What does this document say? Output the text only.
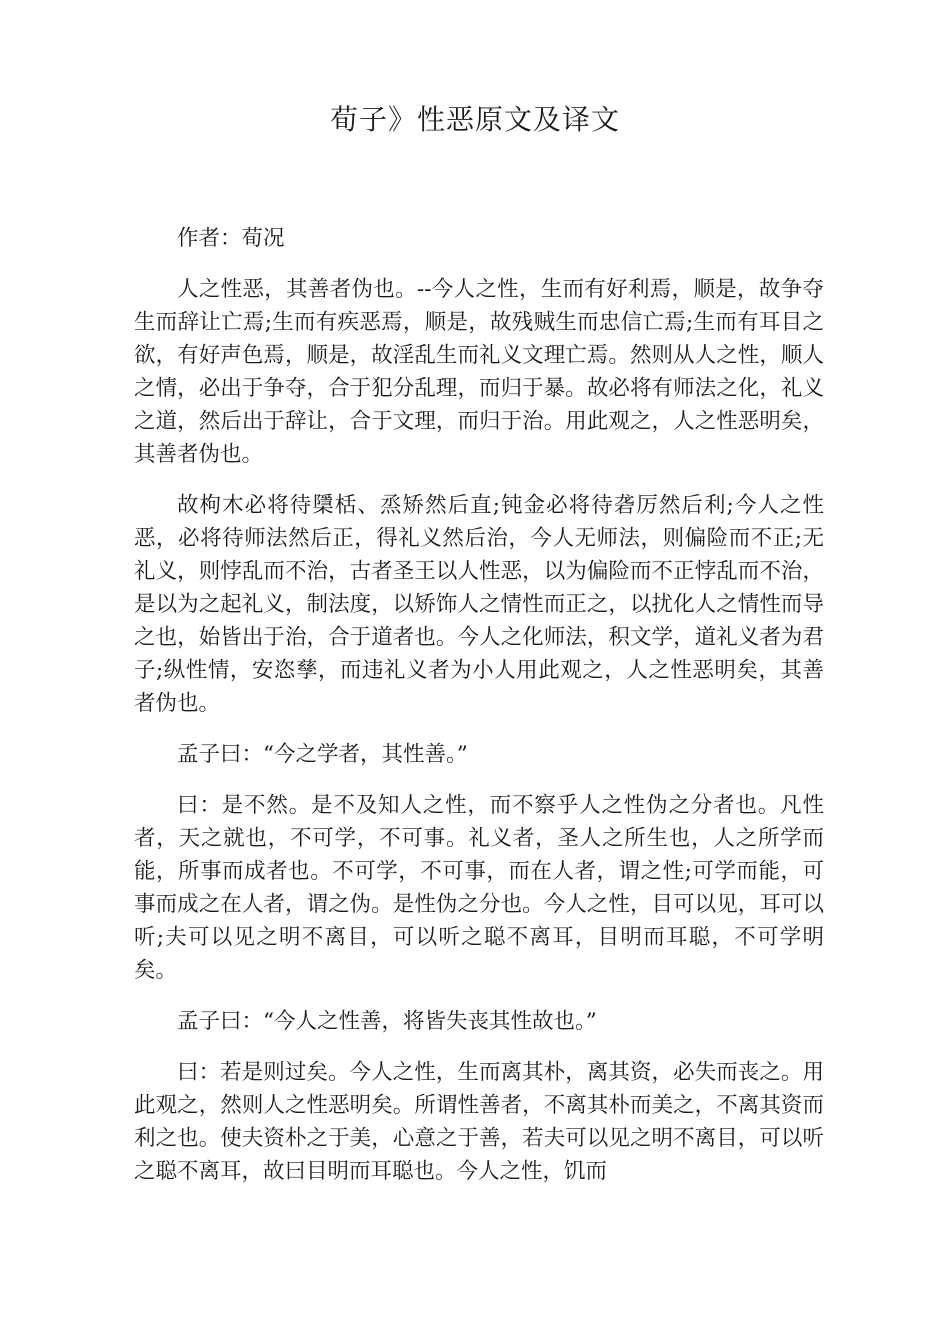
荀子》性恶原文及译文

作者：荀况

人之性恶，其善者伪也。--今人之性，生而有好利焉，顺是，故争夺生而辞让亡焉;生而有疾恶焉，顺是，故残贼生而忠信亡焉;生而有耳目之欲，有好声色焉，顺是，故淫乱生而礼义文理亡焉。然则从人之性，顺人之情，必出于争夺，合于犯分乱理，而归于暴。故必将有师法之化，礼义之道，然后出于辞让，合于文理，而归于治。用此观之，人之性恶明矣，其善者伪也。

故枸木必将待檃栝、烝矫然后直;钝金必将待砻厉然后利;今人之性恶，必将待师法然后正，得礼义然后治，今人无师法，则偏险而不正;无礼义，则悖乱而不治，古者圣王以人性恶，以为偏险而不正悖乱而不治，是以为之起礼义，制法度，以矫饰人之情性而正之，以扰化人之情性而导之也，始皆出于治，合于道者也。今人之化师法，积文学，道礼义者为君子;纵性情，安恣孳，而违礼义者为小人用此观之，人之性恶明矣，其善者伪也。

孟子曰：“今之学者，其性善。”

曰：是不然。是不及知人之性，而不察乎人之性伪之分者也。凡性者，天之就也，不可学，不可事。礼义者，圣人之所生也，人之所学而能，所事而成者也。不可学，不可事，而在人者，谓之性;可学而能，可事而成之在人者，谓之伪。是性伪之分也。今人之性，目可以见，耳可以听;夫可以见之明不离目，可以听之聪不离耳，目明而耳聪，不可学明矣。

孟子曰：“今人之性善，将皆失丧其性故也。”

曰：若是则过矣。今人之性，生而离其朴，离其资，必失而丧之。用此观之，然则人之性恶明矣。所谓性善者，不离其朴而美之，不离其资而利之也。使夫资朴之于美，心意之于善，若夫可以见之明不离目，可以听之聪不离耳，故曰目明而耳聪也。今人之性，饥而
